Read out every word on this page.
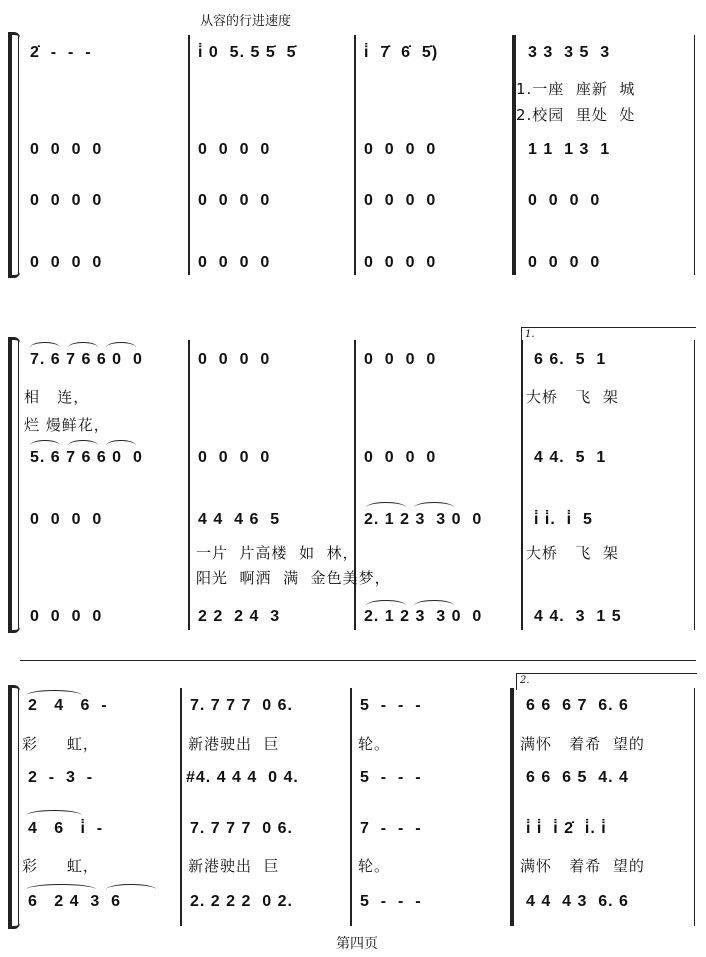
从容的行进速度
2̇  -  -  -	i̇ 0  5. 5 5̇  5̇	i̇  7̇  6̇  5̇)	3 3  3 5  3
1.一座  座新  城
2.校园  里处  处
0  0  0  0	0  0  0  0	0  0  0  0	1 1  1 3  1
0  0  0  0	0  0  0  0	0  0  0  0	0  0  0  0
0  0  0  0	0  0  0  0	0  0  0  0	0  0  0  0
1.
7. 6 7 6 6 0  0	0  0  0  0	0  0  0  0	6 6.  5  1
相   连，	大桥   飞  架
烂 熳鲜花，
5. 6 7 6 6 0  0	0  0  0  0	0  0  0  0	4 4.  5  1
0  0  0  0	4 4  4 6  5	2. 1 2 3  3 0  0	i̇ i̇.  i̇  5
一片  片高楼  如  林，	大桥   飞  架
阳光  啊洒  满  金色美梦，
0  0  0  0	2 2  2 4  3	2. 1 2 3  3 0  0	4 4.  3  1 5
2.
2   4   6  -	7. 7 7 7  0 6.	5  -  -  -	6 6  6 7  6. 6
彩     虹，	新港驶出  巨	轮。	满怀   着希  望的
2  -  3  -	#4. 4 4 4  0 4.	5  -  -  -	6 6  6 5  4. 4
4   6   i̇  -	7. 7 7 7  0 6.	7  -  -  -	i̇ i̇  i̇ 2̇  i̇. i̇
彩     虹，	新港驶出  巨	轮。	满怀   着希  望的
6   2 4  3  6	2. 2 2 2  0 2.	5  -  -  -	4 4  4 3  6. 6
第四页
